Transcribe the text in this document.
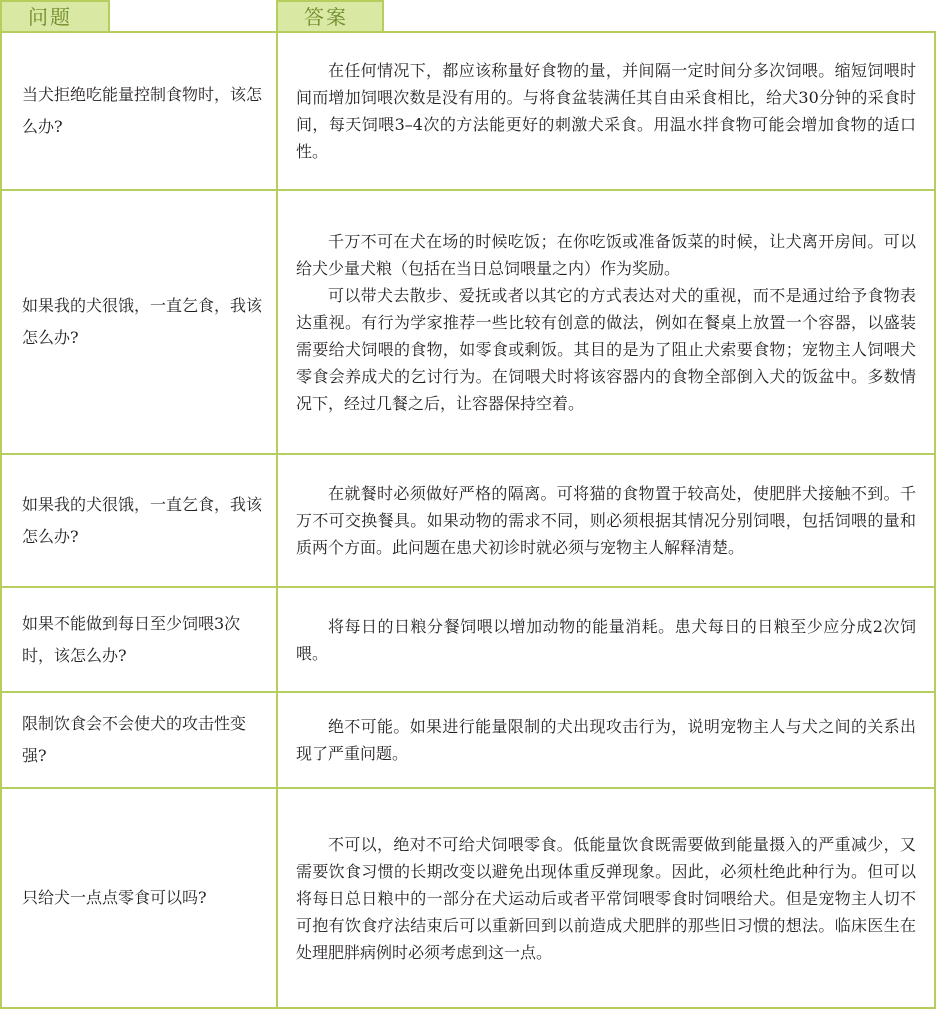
问题	答案
当犬拒绝吃能量控制食物时，该怎么办?	在任何情况下，都应该称量好食物的量，并间隔一定时间分多次饲喂。缩短饲喂时间而增加饲喂次数是没有用的。与将食盆装满任其自由采食相比，给犬30分钟的采食时间，每天饲喂3–4次的方法能更好的刺激犬采食。用温水拌食物可能会增加食物的适口性。

如果我的犬很饿，一直乞食，我该怎么办?	千万不可在犬在场的时候吃饭；在你吃饭或准备饭菜的时候，让犬离开房间。可以给犬少量犬粮（包括在当日总饲喂量之内）作为奖励。

可以带犬去散步、爱抚或者以其它的方式表达对犬的重视，而不是通过给予食物表达重视。有行为学家推荐一些比较有创意的做法，例如在餐桌上放置一个容器，以盛装需要给犬饲喂的食物，如零食或剩饭。其目的是为了阻止犬索要食物；宠物主人饲喂犬零食会养成犬的乞讨行为。在饲喂犬时将该容器内的食物全部倒入犬的饭盆中。多数情况下，经过几餐之后，让容器保持空着。

如果我的犬很饿，一直乞食，我该怎么办?	在就餐时必须做好严格的隔离。可将猫的食物置于较高处，使肥胖犬接触不到。千万不可交换餐具。如果动物的需求不同，则必须根据其情况分别饲喂，包括饲喂的量和质两个方面。此问题在患犬初诊时就必须与宠物主人解释清楚。

如果不能做到每日至少饲喂3次时，该怎么办?	将每日的日粮分餐饲喂以增加动物的能量消耗。患犬每日的日粮至少应分成2次饲喂。

限制饮食会不会使犬的攻击性变强?	绝不可能。如果进行能量限制的犬出现攻击行为，说明宠物主人与犬之间的关系出现了严重问题。

只给犬一点点零食可以吗?	不可以，绝对不可给犬饲喂零食。低能量饮食既需要做到能量摄入的严重减少，又需要饮食习惯的长期改变以避免出现体重反弹现象。因此，必须杜绝此种行为。但可以将每日总日粮中的一部分在犬运动后或者平常饲喂零食时饲喂给犬。但是宠物主人切不可抱有饮食疗法结束后可以重新回到以前造成犬肥胖的那些旧习惯的想法。临床医生在处理肥胖病例时必须考虑到这一点。
